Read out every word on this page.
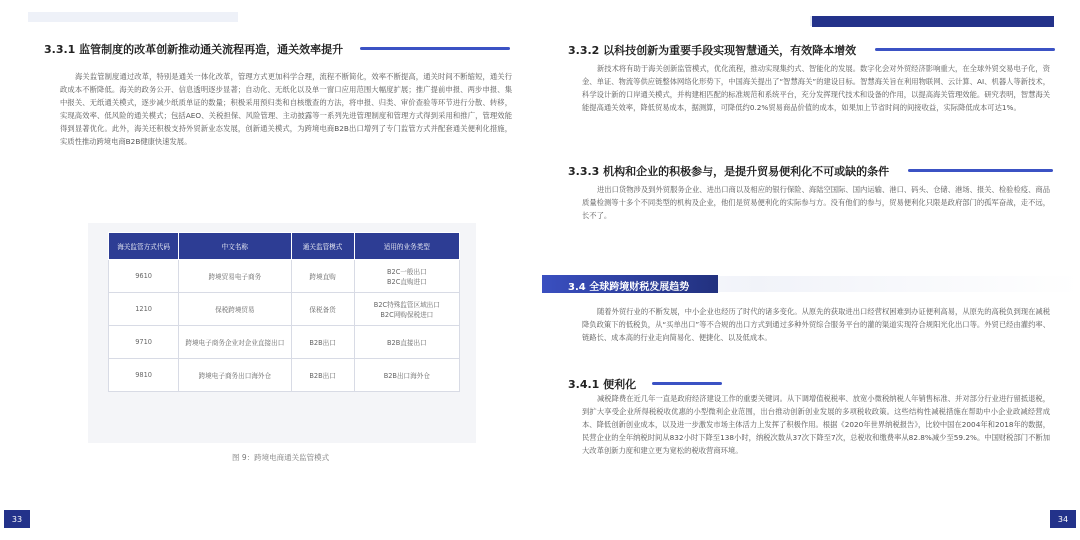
3.3.1 监管制度的改革创新推动通关流程再造，通关效率提升
海关监管制度通过改革，特别是通关一体化改革，管理方式更加科学合理，流程不断简化，效率不断提高，通关时间不断缩短，通关行政成本不断降低。海关的政务公开、信息透明逐步显著；自动化、无纸化以及单一窗口应用范围大幅度扩展；推广提前申报、两步申报、集中报关、无纸通关模式，逐步减少纸质单证的数量；积极采用预归类和自核缴查的方法，将申报、归类、审价查验等环节进行分散、转移，实现高效率、低风险的通关模式；包括AEO、关税担保、风险管理、主动披露等一系列先进管理制度和管理方式得到采用和推广，管理效能得到显著优化。此外，海关还积极支持外贸新业态发展，创新通关模式，为跨境电商B2B出口增列了专门监管方式并配套通关便利化措施，实质性推动跨境电商B2B健康快速发展。
海关监管方式代码	中文名称	通关监管模式	适用的业务类型
9610	跨境贸易电子商务	跨境直购	B2C一般出口
B2C直购进口
1210	保税跨境贸易	保税备货	B2C特殊监管区域出口
B2C网购保税进口
9710	跨境电子商务企业对企业直接出口	B2B出口	B2B直接出口
9810	跨境电子商务出口海外仓	B2B出口	B2B出口海外仓
图 9：跨境电商通关监管模式
33
3.3.2 以科技创新为重要手段实现智慧通关，有效降本增效
新技术将有助于海关创新监管模式，优化流程，推动实现集约式、智能化的发展。数字化会对外贸经济影响重大，在全球外贸交易电子化，资金、单证、物流等供应链整体网络化形势下，中国海关提出了“智慧海关”的建设目标。智慧海关旨在利用物联网、云计算、AI、机器人等新技术，科学设计新的口岸通关模式，并构建相匹配的标准规范和系统平台，充分发挥现代技术和设备的作用，以提高海关管理效能。研究表明，智慧海关能提高通关效率，降低贸易成本，据测算，可降低约0.2%贸易商品价值的成本，如果加上节省时间的间接收益，实际降低成本可达1%。
3.3.3 机构和企业的积极参与，是提升贸易便利化不可或缺的条件
进出口货物涉及到外贸服务企业、进出口商以及相应的银行保险、海陆空国际、国内运输、港口、码头、仓储、港场、报关、检验检疫、商品质量检测等十多个不同类型的机构及企业，他们是贸易便利化的实际参与方。没有他们的参与，贸易便利化只限是政府部门的孤军奋战，走不远，长不了。
3.4 全球跨境财税发展趋势
随着外贸行业的不断发展，中小企业也经历了时代的诸多变化。从原先的获取进出口经营权困难到办证便利高易，从原先的高税负到现在减税降负政策下的低税负，从“买单出口”等不合规的出口方式到通过多种外贸综合服务平台的灌的渠道实现符合规阳光化出口等。外贸已经由灌约率、链路长、成本高的行业走向简易化、便捷化、以及低成本。
3.4.1 便利化
减税降费在近几年一直是政府经济建设工作的重要关键词。从下调增值税税率、放宽小微税纳税人年销售标准、并对部分行业进行留抵退税，到扩大享受企业所得税税收优惠的小型微利企业范围，出台推动创新创业发展的多项税收政策。这些结构性减税措施在帮助中小企业政减经营成本、降低创新创业成本，以及进一步激发市场主体活力上发挥了积极作用。根据《2020年世界纳税报告》，比较中国在2004年和2018年的数据，民营企业的全年纳税时间从832小时下降至138小时，纳税次数从37次下降至7次，总税收和缴费率从82.8%减少至59.2%。中国财税部门不断加大改革创新力度和建立更为宽松的税收营商环境。
34
